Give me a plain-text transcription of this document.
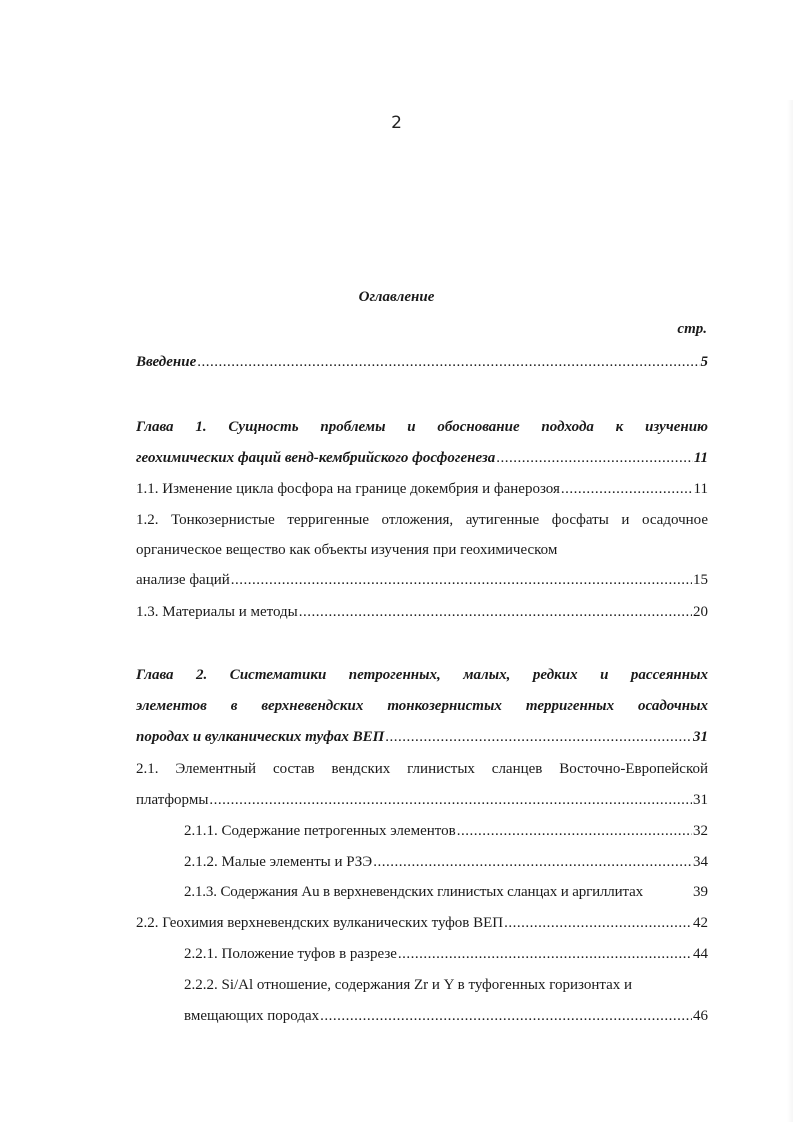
2
Оглавление
стр.
Введение .....	5
Глава 1. Сущность проблемы и обоснование подхода к изучению
геохимических фаций венд-кембрийского фосфогенеза .....	11
1.1. Изменение цикла фосфора на границе докембрия и фанерозоя .....	11
1.2. Тонкозернистые терригенные отложения, аутигенные фосфаты и осадочное
органическое вещество как объекты изучения при геохимическом
анализе фаций .....	15
1.3. Материалы и методы .....	20
Глава 2. Систематики петрогенных, малых, редких и рассеянных
элементов в верхневендских тонкозернистых терригенных осадочных
породах и вулканических туфах ВЕП .....	31
2.1. Элементный состав вендских глинистых сланцев Восточно-Европейской
платформы .....	31
2.1.1. Содержание петрогенных элементов .....	32
2.1.2. Малые элементы и РЗЭ .....	34
2.1.3. Содержания Au в верхневендских глинистых сланцах и аргиллитах	39
2.2. Геохимия верхневендских вулканических туфов ВЕП .....	42
2.2.1. Положение туфов в разрезе .....	44
2.2.2. Si/Al отношение, содержания Zr и Y в туфогенных горизонтах и
вмещающих породах .....	46
